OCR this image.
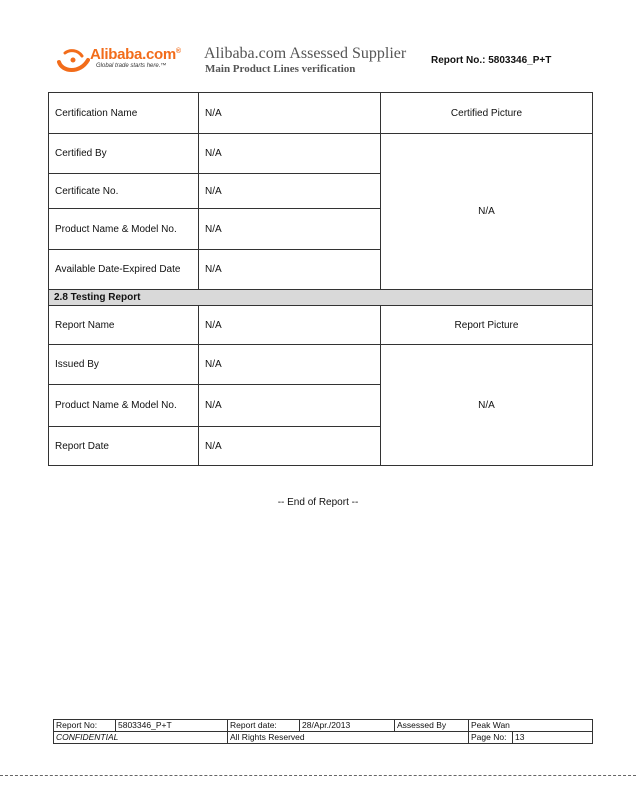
Alibaba.com®
Global trade starts here.™
Alibaba.com Assessed Supplier
Main Product Lines verification
Report No.: 5803346_P+T
Certification Name	N/A	Certified Picture
Certified By	N/A	N/A
Certificate No.	N/A	
Product Name & Model No.	N/A	
Available Date-Expired Date	N/A	
2.8 Testing Report		
Report Name	N/A	Report Picture
Issued By	N/A	N/A
Product Name & Model No.	N/A	
Report Date	N/A	
-- End of Report --
Report No:	5803346_P+T	Report date:	28/Apr./2013	Assessed By	Peak Wan	
CONFIDENTIAL		All Rights Reserved			Page No:	13
